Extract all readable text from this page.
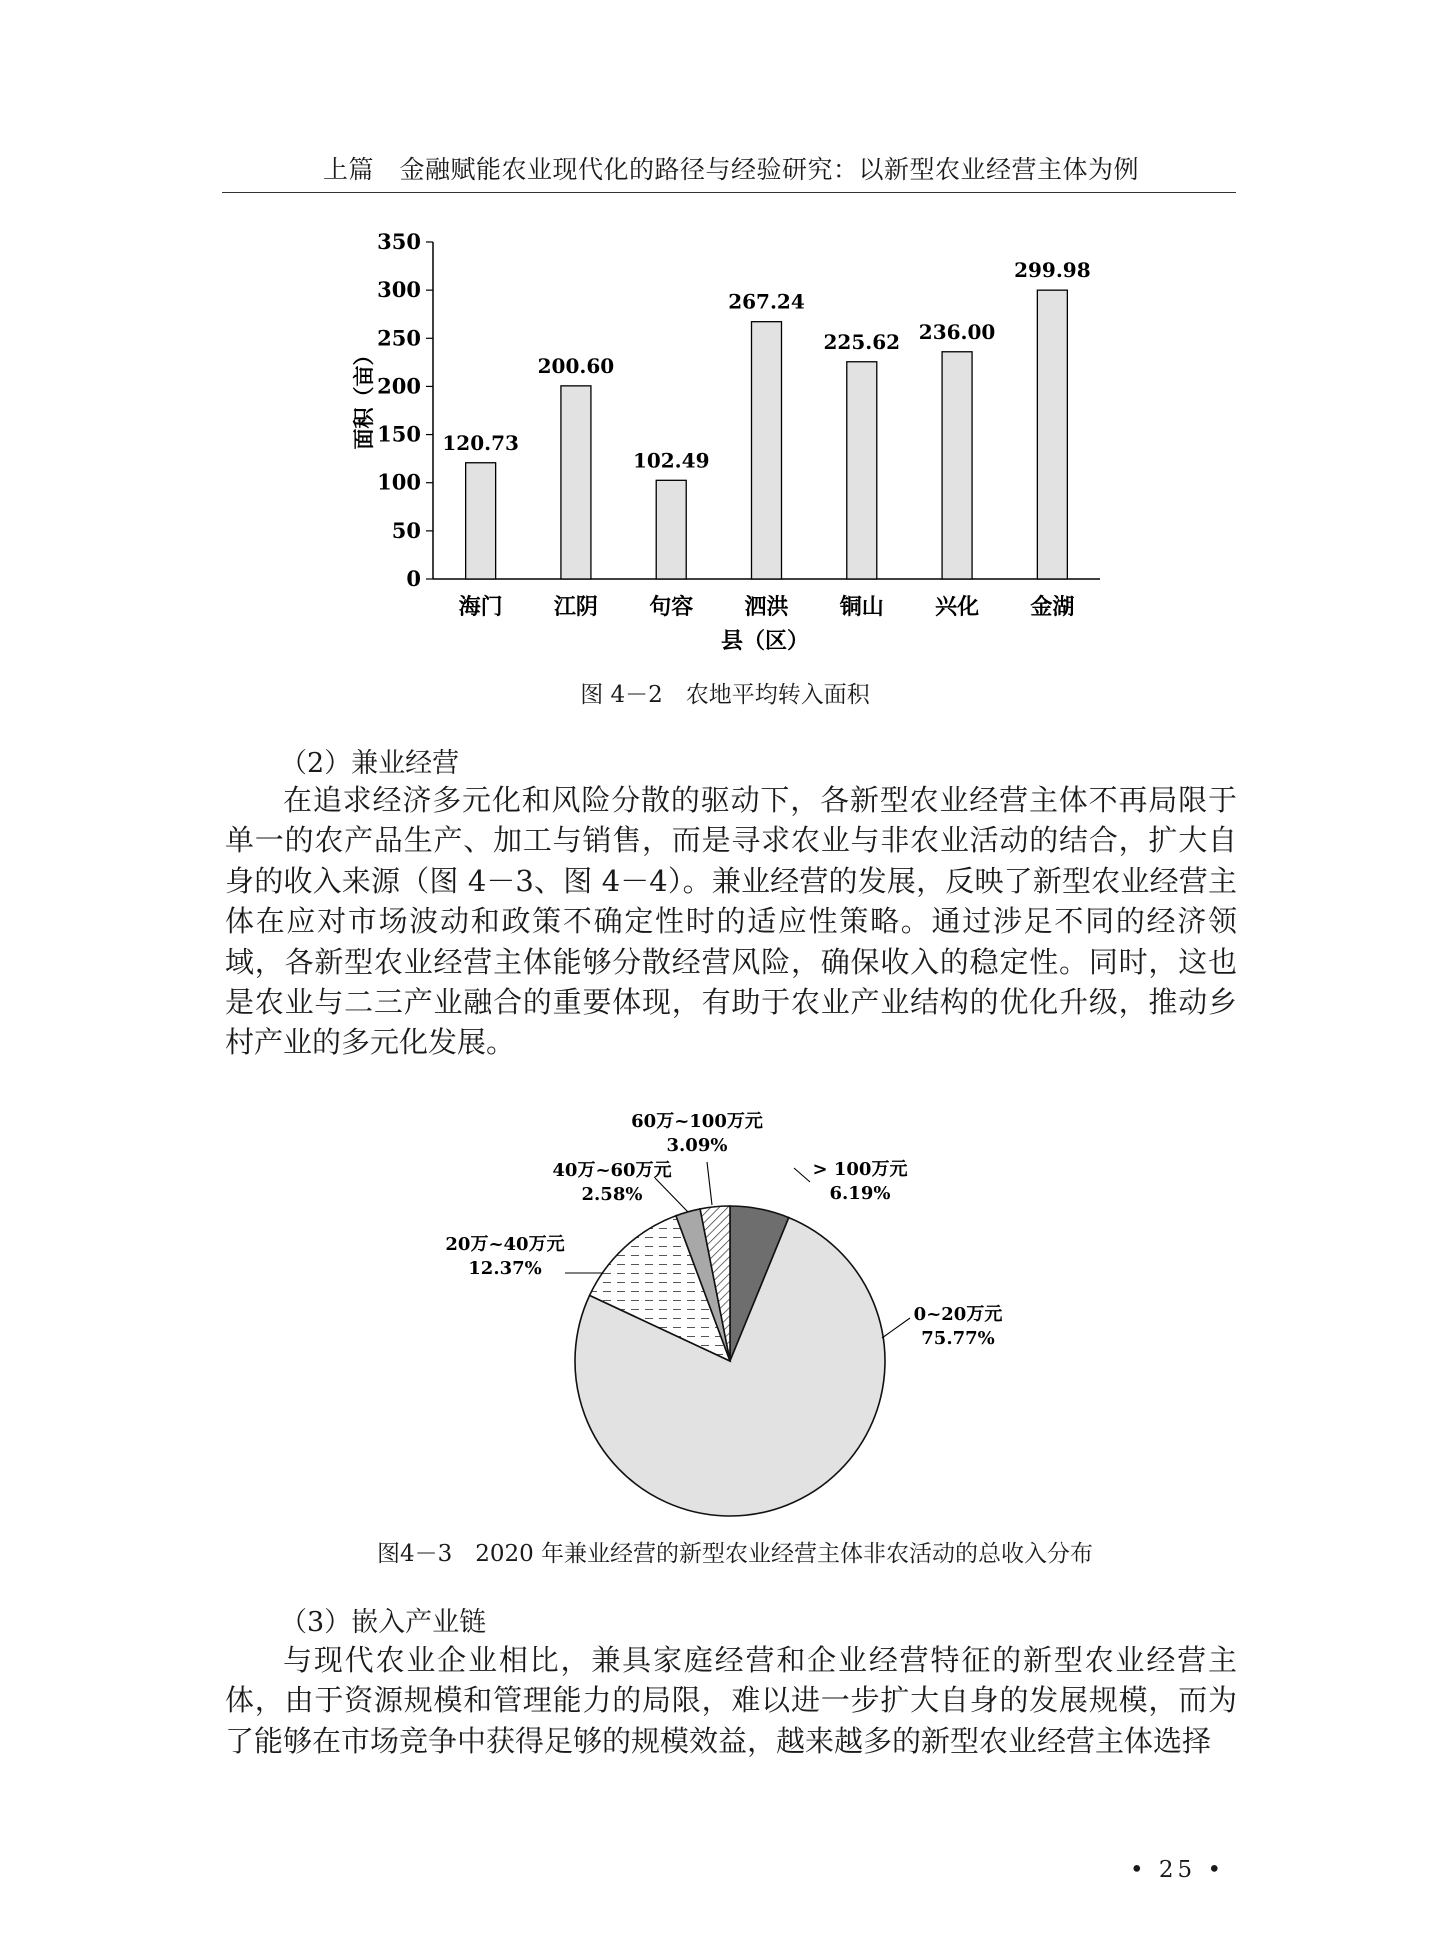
上篇　金融赋能农业现代化的路径与经验研究：以新型农业经营主体为例
0
50
100
150
200
250
300
350
120.73
海门
200.60
江阴
102.49
句容
267.24
泗洪
225.62
铜山
236.00
兴化
299.98
金湖
县（区）
面积（亩）
图 4－2　农地平均转入面积
（2）兼业经营

在追求经济多元化和风险分散的驱动下，各新型农业经营主体不再局限于单一的农产品生产、加工与销售，而是寻求农业与非农业活动的结合，扩大自身的收入来源（图 4－3、图 4－4）。兼业经营的发展，反映了新型农业经营主体在应对市场波动和政策不确定性时的适应性策略。通过涉足不同的经济领域，各新型农业经营主体能够分散经营风险，确保收入的稳定性。同时，这也是农业与二三产业融合的重要体现，有助于农业产业结构的优化升级，推动乡村产业的多元化发展。

> 100万元
6.19%
0~20万元
75.77%
20万~40万元
12.37%
40万~60万元
2.58%
60万~100万元
3.09%
图4－3　2020 年兼业经营的新型农业经营主体非农活动的总收入分布
（3）嵌入产业链

与现代农业企业相比，兼具家庭经营和企业经营特征的新型农业经营主体，由于资源规模和管理能力的局限，难以进一步扩大自身的发展规模，而为了能够在市场竞争中获得足够的规模效益，越来越多的新型农业经营主体选择

• 25 •
